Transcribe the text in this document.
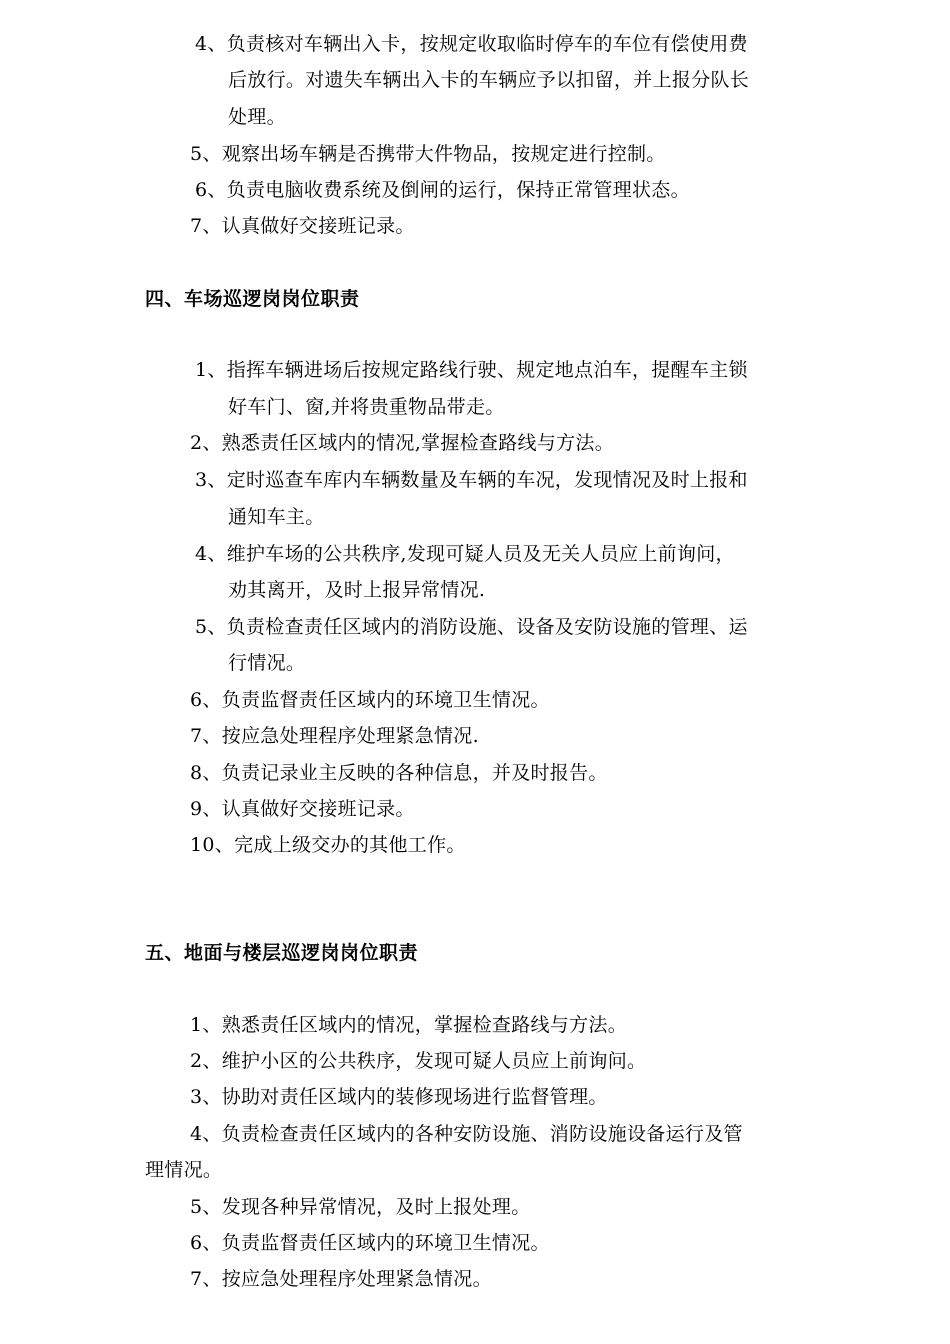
4、负责核对车辆出入卡，按规定收取临时停车的车位有偿使用费
后放行。对遗失车辆出入卡的车辆应予以扣留，并上报分队长
处理。
5、观察出场车辆是否携带大件物品，按规定进行控制。
6、负责电脑收费系统及倒闸的运行，保持正常管理状态。
7、认真做好交接班记录。
四、车场巡逻岗岗位职责
1、指挥车辆进场后按规定路线行驶、规定地点泊车，提醒车主锁
好车门、窗,并将贵重物品带走。
2、熟悉责任区域内的情况,掌握检查路线与方法。
3、定时巡查车库内车辆数量及车辆的车况，发现情况及时上报和
通知车主。
4、维护车场的公共秩序,发现可疑人员及无关人员应上前询问，
劝其离开，及时上报异常情况.
5、负责检查责任区域内的消防设施、设备及安防设施的管理、运
行情况。
6、负责监督责任区域内的环境卫生情况。
7、按应急处理程序处理紧急情况.
8、负责记录业主反映的各种信息，并及时报告。
9、认真做好交接班记录。
10、完成上级交办的其他工作。
五、地面与楼层巡逻岗岗位职责
1、熟悉责任区域内的情况，掌握检查路线与方法。
2、维护小区的公共秩序，发现可疑人员应上前询问。
3、协助对责任区域内的装修现场进行监督管理。
4、负责检查责任区域内的各种安防设施、消防设施设备运行及管
理情况。
5、发现各种异常情况，及时上报处理。
6、负责监督责任区域内的环境卫生情况。
7、按应急处理程序处理紧急情况。
